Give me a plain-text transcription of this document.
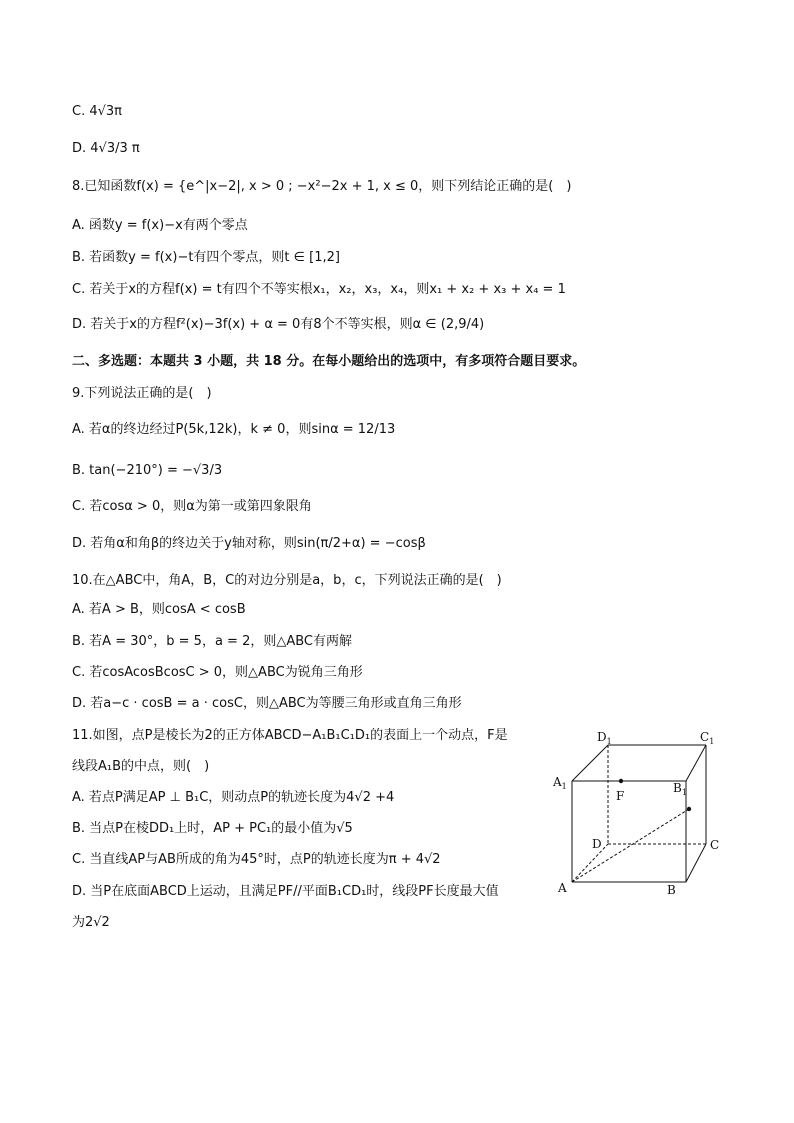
C. 4√3π
D. 4√3/3 π
8.已知函数f(x) = {e^|x−2|, x > 0 ; −x²−2x + 1, x ≤ 0，则下列结论正确的是(　)
A. 函数y = f(x)−x有两个零点
B. 若函数y = f(x)−t有四个零点，则t ∈ [1,2]
C. 若关于x的方程f(x) = t有四个不等实根x₁，x₂，x₃，x₄，则x₁ + x₂ + x₃ + x₄ = 1
D. 若关于x的方程f²(x)−3f(x) + α = 0有8个不等实根，则α ∈ (2,9/4)
二、多选题：本题共 3 小题，共 18 分。在每小题给出的选项中，有多项符合题目要求。
9.下列说法正确的是(　)
A. 若α的终边经过P(5k,12k)，k ≠ 0，则sinα = 12/13
B. tan(−210°) = −√3/3
C. 若cosα > 0，则α为第一或第四象限角
D. 若角α和角β的终边关于y轴对称，则sin(π/2+α) = −cosβ
10.在△ABC中，角A，B，C的对边分别是a，b，c，下列说法正确的是(　)
A. 若A > B，则cosA < cosB
B. 若A = 30°，b = 5，a = 2，则△ABC有两解
C. 若cosAcosBcosC > 0，则△ABC为锐角三角形
D. 若a−c · cosB = a · cosC，则△ABC为等腰三角形或直角三角形
11.如图，点P是棱长为2的正方体ABCD−A₁B₁C₁D₁的表面上一个动点，F是
线段A₁B的中点，则(　)
A. 若点P满足AP ⊥ B₁C，则动点P的轨迹长度为4√2 +4
B. 当点P在棱DD₁上时，AP + PC₁的最小值为√5
C. 当直线AP与AB所成的角为45°时，点P的轨迹长度为π + 4√2
D. 当P在底面ABCD上运动，且满足PF//平面B₁CD₁时，线段PF长度最大值
为2√2
$D_1$	$C_1$
$A_1$	$B_1$
F
D	C
A	B
